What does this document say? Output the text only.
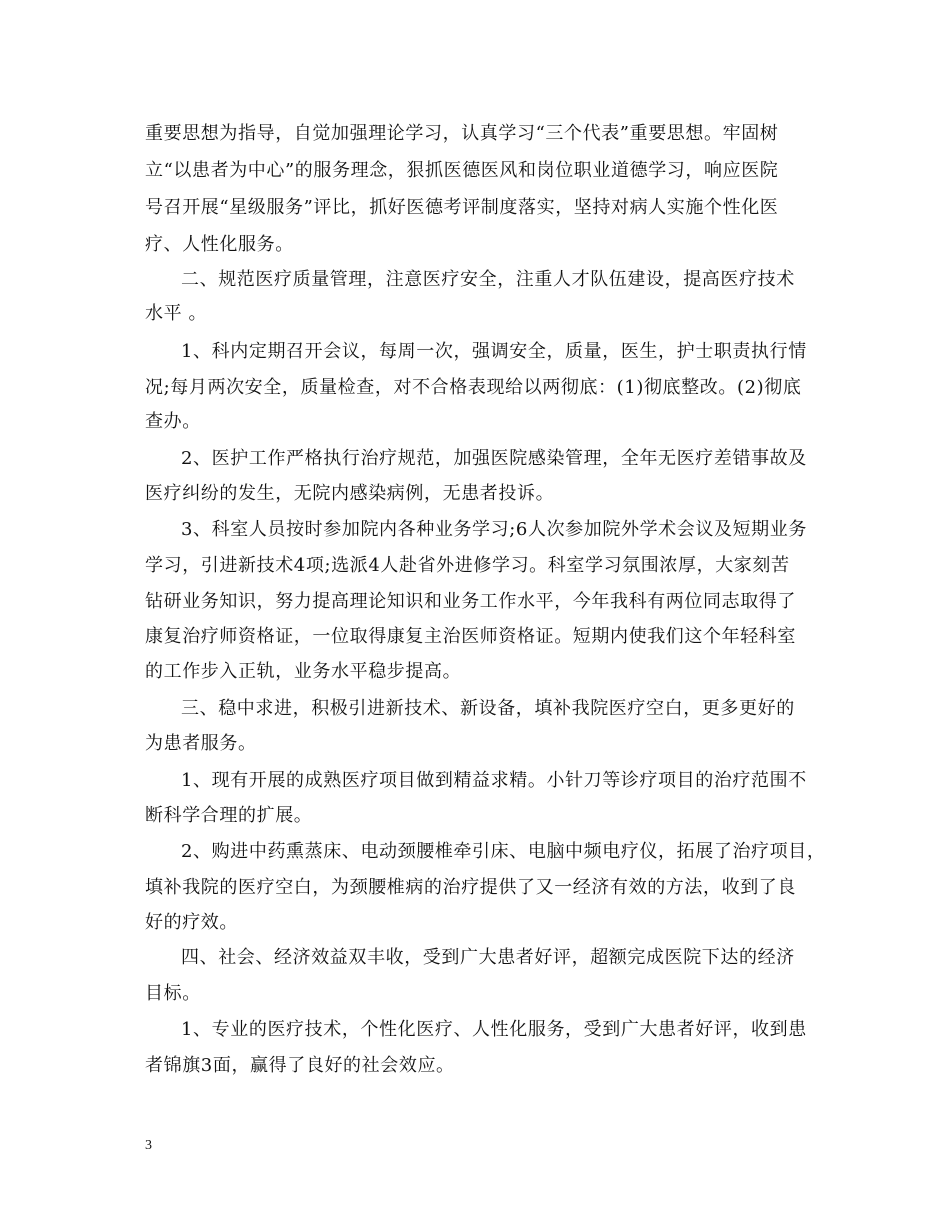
重要思想为指导，自觉加强理论学习，认真学习“三个代表”重要思想。牢固树
立“以患者为中心”的服务理念，狠抓医德医风和岗位职业道德学习，响应医院
号召开展“星级服务”评比，抓好医德考评制度落实，坚持对病人实施个性化医
疗、人性化服务。
二、规范医疗质量管理，注意医疗安全，注重人才队伍建设，提高医疗技术
水平 。
1、科内定期召开会议，每周一次，强调安全，质量，医生，护士职责执行情
况;每月两次安全，质量检查，对不合格表现给以两彻底：(1)彻底整改。(2)彻底
查办。
2、医护工作严格执行治疗规范，加强医院感染管理，全年无医疗差错事故及
医疗纠纷的发生，无院内感染病例，无患者投诉。
3、科室人员按时参加院内各种业务学习;6人次参加院外学术会议及短期业务
学习，引进新技术4项;选派4人赴省外进修学习。科室学习氛围浓厚，大家刻苦
钻研业务知识，努力提高理论知识和业务工作水平，今年我科有两位同志取得了
康复治疗师资格证，一位取得康复主治医师资格证。短期内使我们这个年轻科室
的工作步入正轨，业务水平稳步提高。
三、稳中求进，积极引进新技术、新设备，填补我院医疗空白，更多更好的
为患者服务。
1、现有开展的成熟医疗项目做到精益求精。小针刀等诊疗项目的治疗范围不
断科学合理的扩展。
2、购进中药熏蒸床、电动颈腰椎牵引床、电脑中频电疗仪，拓展了治疗项目，
填补我院的医疗空白，为颈腰椎病的治疗提供了又一经济有效的方法，收到了良
好的疗效。
四、社会、经济效益双丰收，受到广大患者好评，超额完成医院下达的经济
目标。
1、专业的医疗技术，个性化医疗、人性化服务，受到广大患者好评，收到患
者锦旗3面，赢得了良好的社会效应。
3
